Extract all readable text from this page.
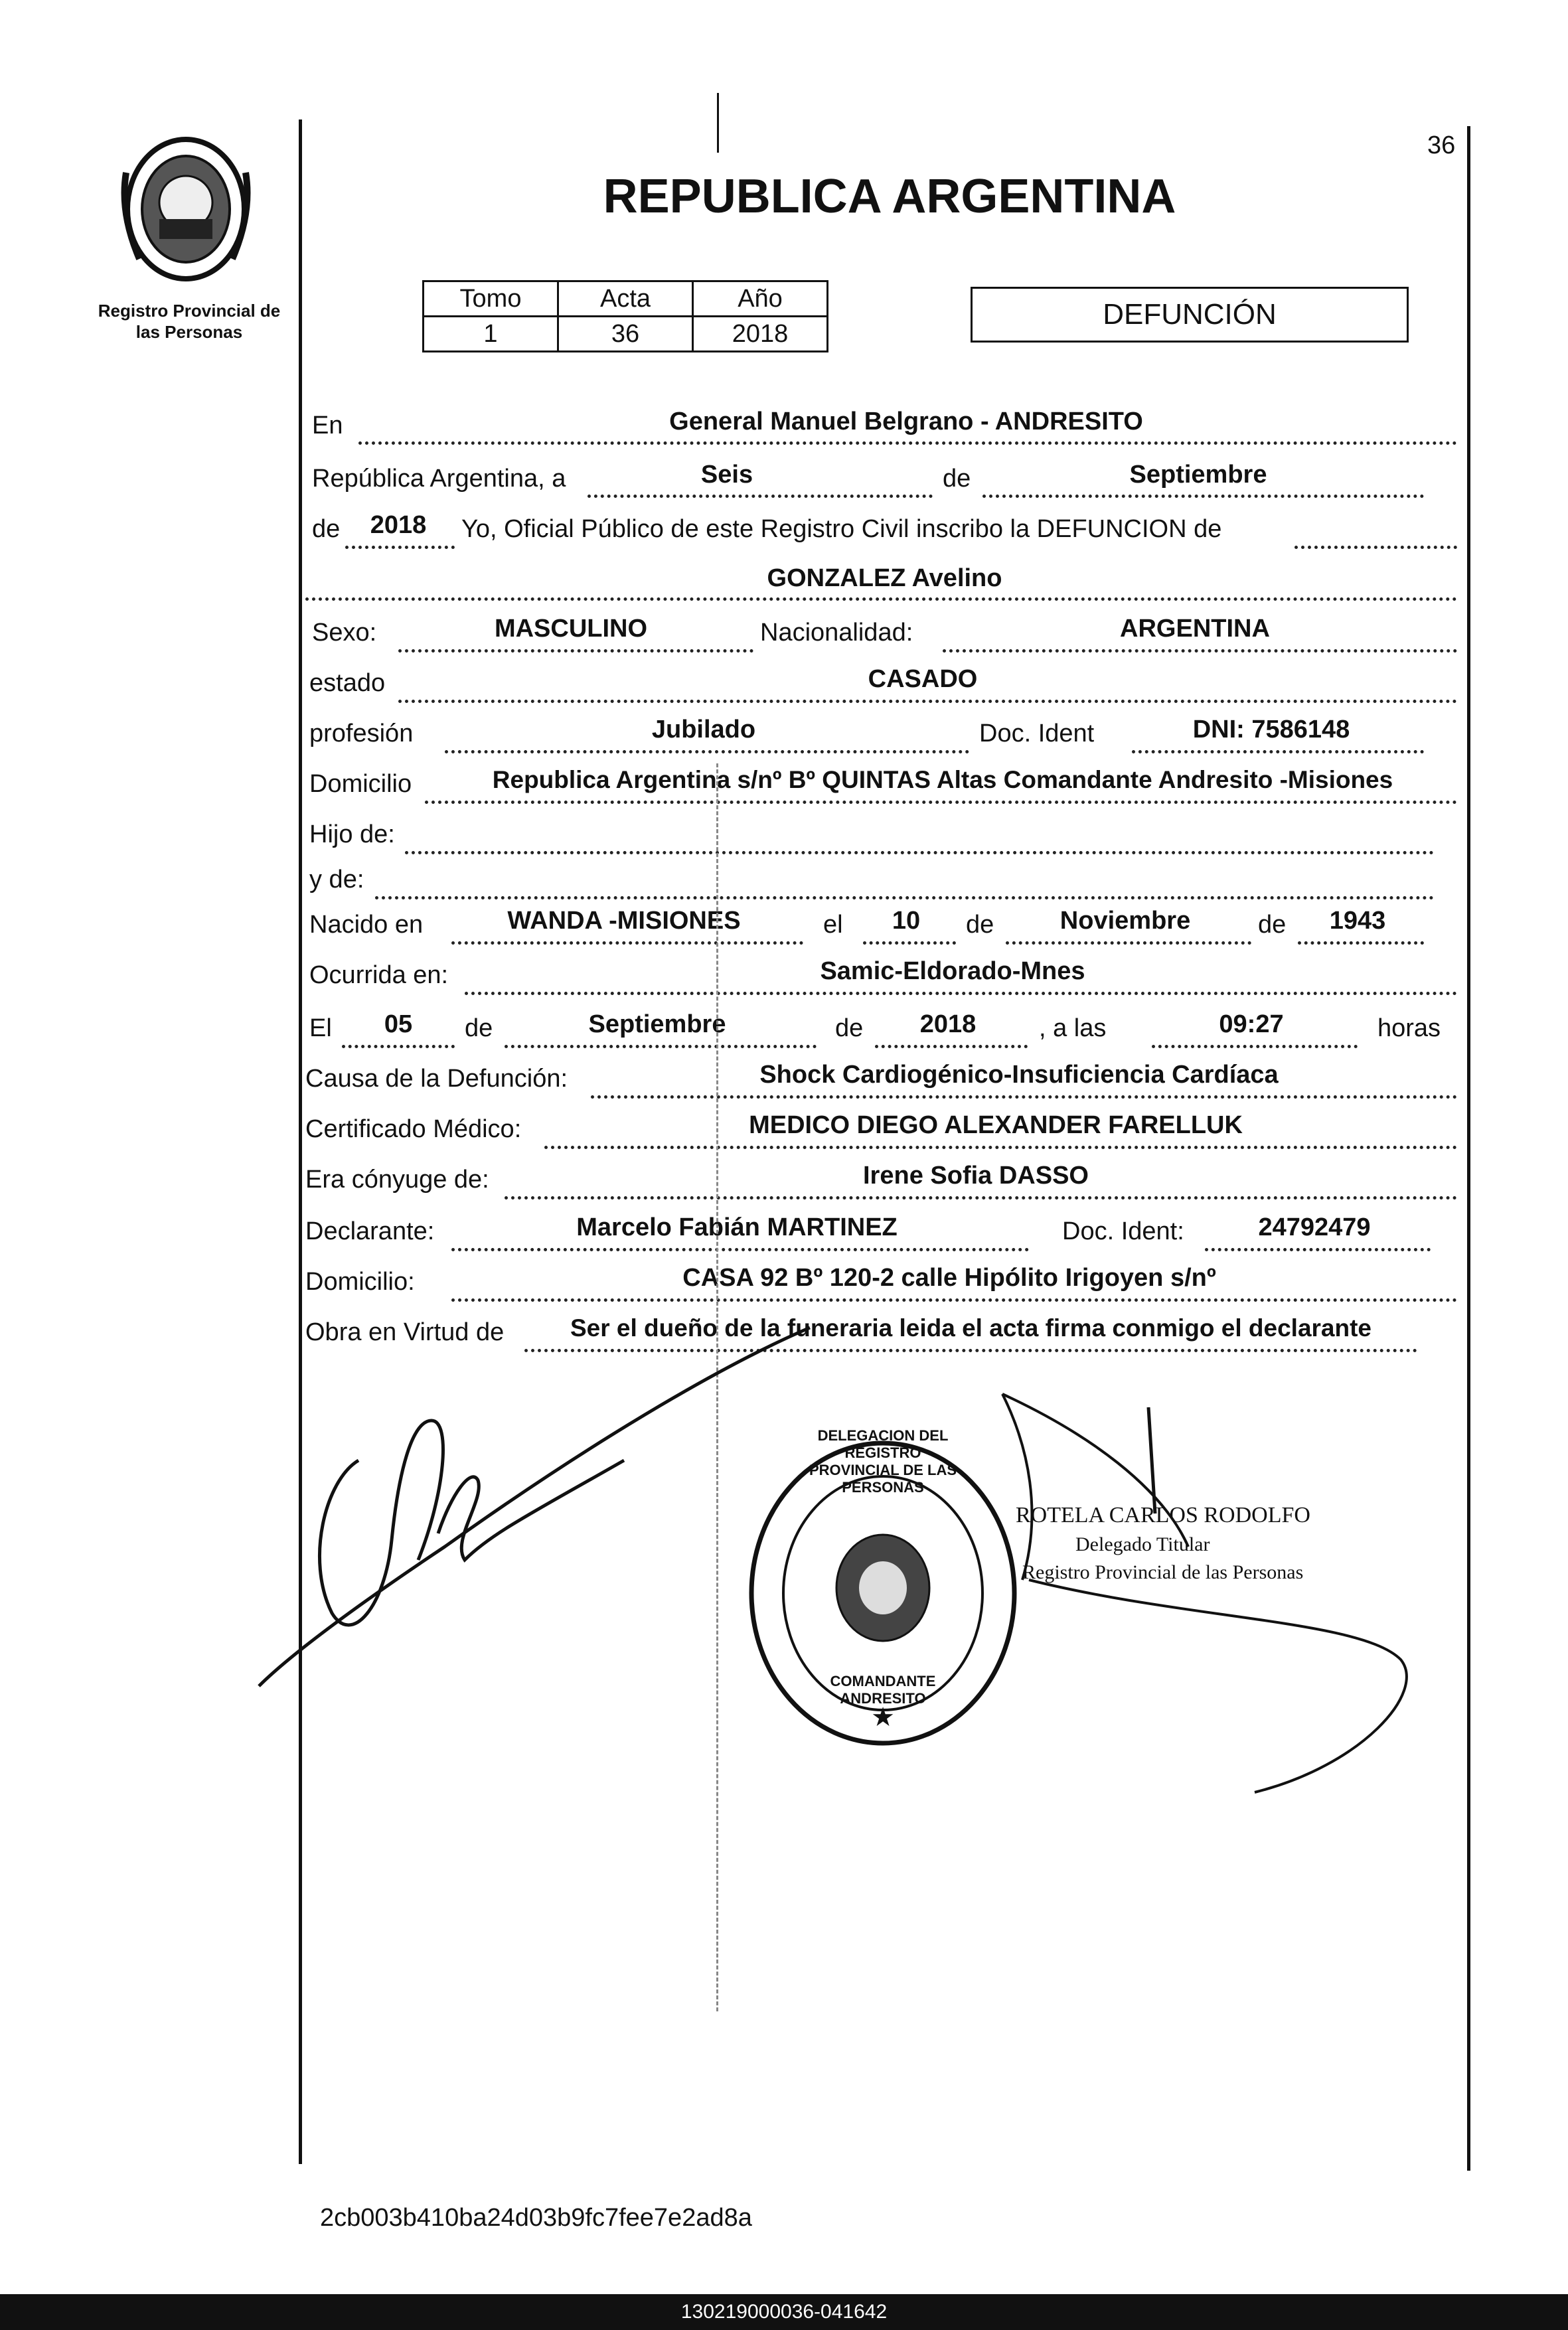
36
Registro Provincial de las Personas
REPUBLICA ARGENTINA
Tomo	Acta	Año
1	36	2018
DEFUNCIÓN
En	General Manuel Belgrano - ANDRESITO
República Argentina, a	Seis	de	Septiembre
de	2018	Yo, Oficial Público de este Registro Civil inscribo la DEFUNCION de
GONZALEZ Avelino
Sexo:	MASCULINO	Nacionalidad:	ARGENTINA
estado	CASADO
profesión	Jubilado	Doc. Ident	DNI: 7586148
Domicilio	Republica Argentina s/nº Bº QUINTAS Altas Comandante Andresito -Misiones
Hijo de:
y de:
Nacido en	WANDA -MISIONES	el	10	de	Noviembre	de	1943
Ocurrida en:	Samic-Eldorado-Mnes
El	05	de	Septiembre	de	2018	, a las	09:27	horas
Causa de la Defunción:	Shock Cardiogénico-Insuficiencia Cardíaca
Certificado Médico:	MEDICO DIEGO ALEXANDER FARELLUK
Era cónyuge de:	Irene Sofia DASSO
Declarante:	Marcelo Fabián MARTINEZ	Doc. Ident:	24792479
Domicilio:	CASA 92 Bº 120-2 calle Hipólito Irigoyen s/nº
Obra en Virtud de	Ser el dueño de la funeraria leida el acta firma conmigo el declarante
★
DELEGACION DEL REGISTRO PROVINCIAL DE LAS PERSONAS
COMANDANTE ANDRESITO
ROTELA CARLOS RODOLFO
Delegado Titular
Registro Provincial de las Personas
2cb003b410ba24d03b9fc7fee7e2ad8a
130219000036-041642
